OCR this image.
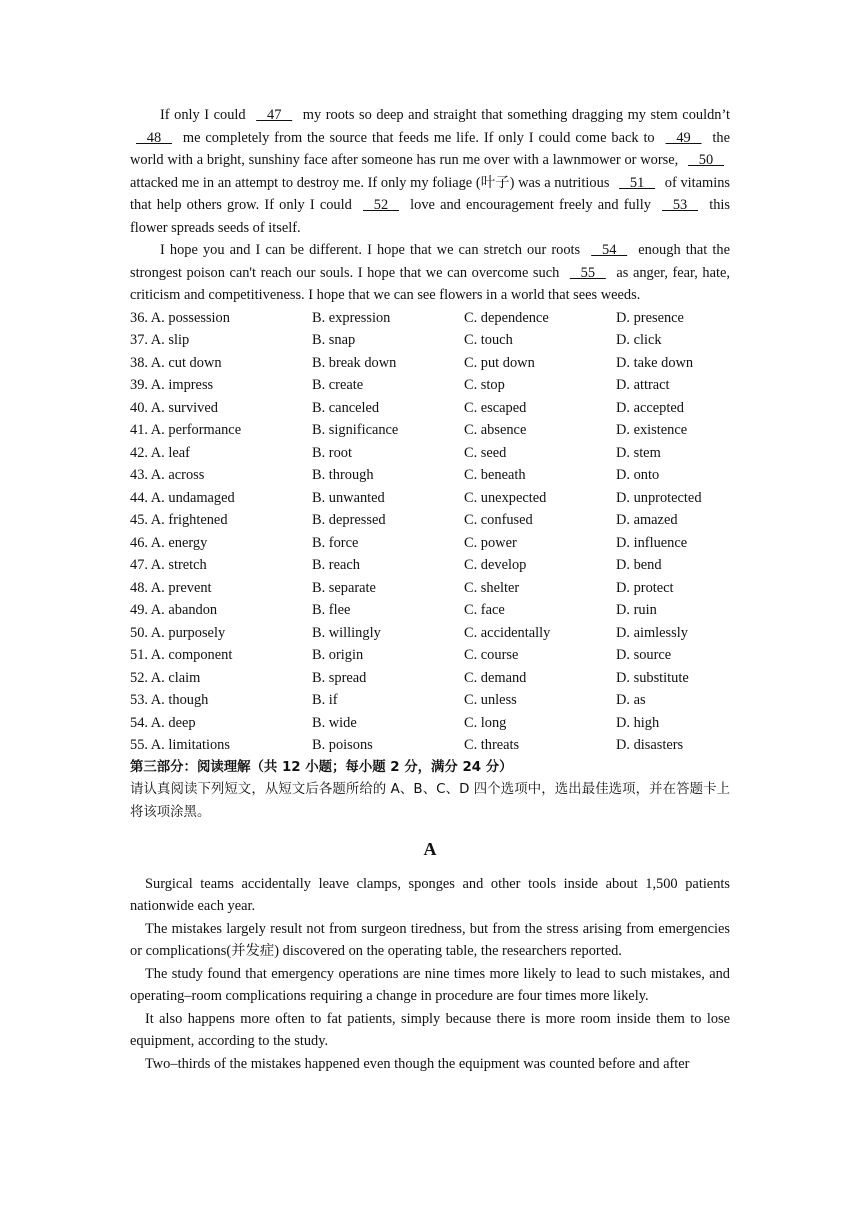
If only I could    47    my roots so deep and straight that something dragging my stem couldn’t    48    me completely from the source that feeds me life. If only I could come back to    49    the world with a bright, sunshiny face after someone has run me over with a lawnmower or worse,    50    attacked me in an attempt to destroy me. If only my foliage (叶子) was a nutritious    51    of vitamins that help others grow. If only I could    52    love and encouragement freely and fully    53    this flower spreads seeds of itself.

I hope you and I can be different. I hope that we can stretch our roots    54    enough that the strongest poison can't reach our souls. I hope that we can overcome such    55    as anger, fear, hate, criticism and competitiveness. I hope that we can see flowers in a world that sees weeds.

36. A. possession	B. expression	C. dependence	D. presence
37. A. slip	B. snap	C. touch	D. click
38. A. cut down	B. break down	C. put down	D. take down
39. A. impress	B. create	C. stop	D. attract
40. A. survived	B. canceled	C. escaped	D. accepted
41. A. performance	B. significance	C. absence	D. existence
42. A. leaf	B. root	C. seed	D. stem
43. A. across	B. through	C. beneath	D. onto
44. A. undamaged	B. unwanted	C. unexpected	D. unprotected
45. A. frightened	B. depressed	C. confused	D. amazed
46. A. energy	B. force	C. power	D. influence
47. A. stretch	B. reach	C. develop	D. bend
48. A. prevent	B. separate	C. shelter	D. protect
49. A. abandon	B. flee	C. face	D. ruin
50. A. purposely	B. willingly	C. accidentally	D. aimlessly
51. A. component	B. origin	C. course	D. source
52. A. claim	B. spread	C. demand	D. substitute
53. A. though	B. if	C. unless	D. as
54. A. deep	B. wide	C. long	D. high
55. A. limitations	B. poisons	C. threats	D. disasters

第三部分：阅读理解（共 12 小题；每小题 2 分，满分 24 分）

请认真阅读下列短文，从短文后各题所给的 A、B、C、D 四个选项中，选出最佳选项，并在答题卡上将该项涂黑。

A

Surgical teams accidentally leave clamps, sponges and other tools inside about 1,500 patients nationwide each year.

The mistakes largely result not from surgeon tiredness, but from the stress arising from emergencies or complications(并发症) discovered on the operating table, the researchers reported.

The study found that emergency operations are nine times more likely to lead to such mistakes, and operating–room complications requiring a change in procedure are four times more likely.

It also happens more often to fat patients, simply because there is more room inside them to lose equipment, according to the study.

Two–thirds of the mistakes happened even though the equipment was counted before and after
